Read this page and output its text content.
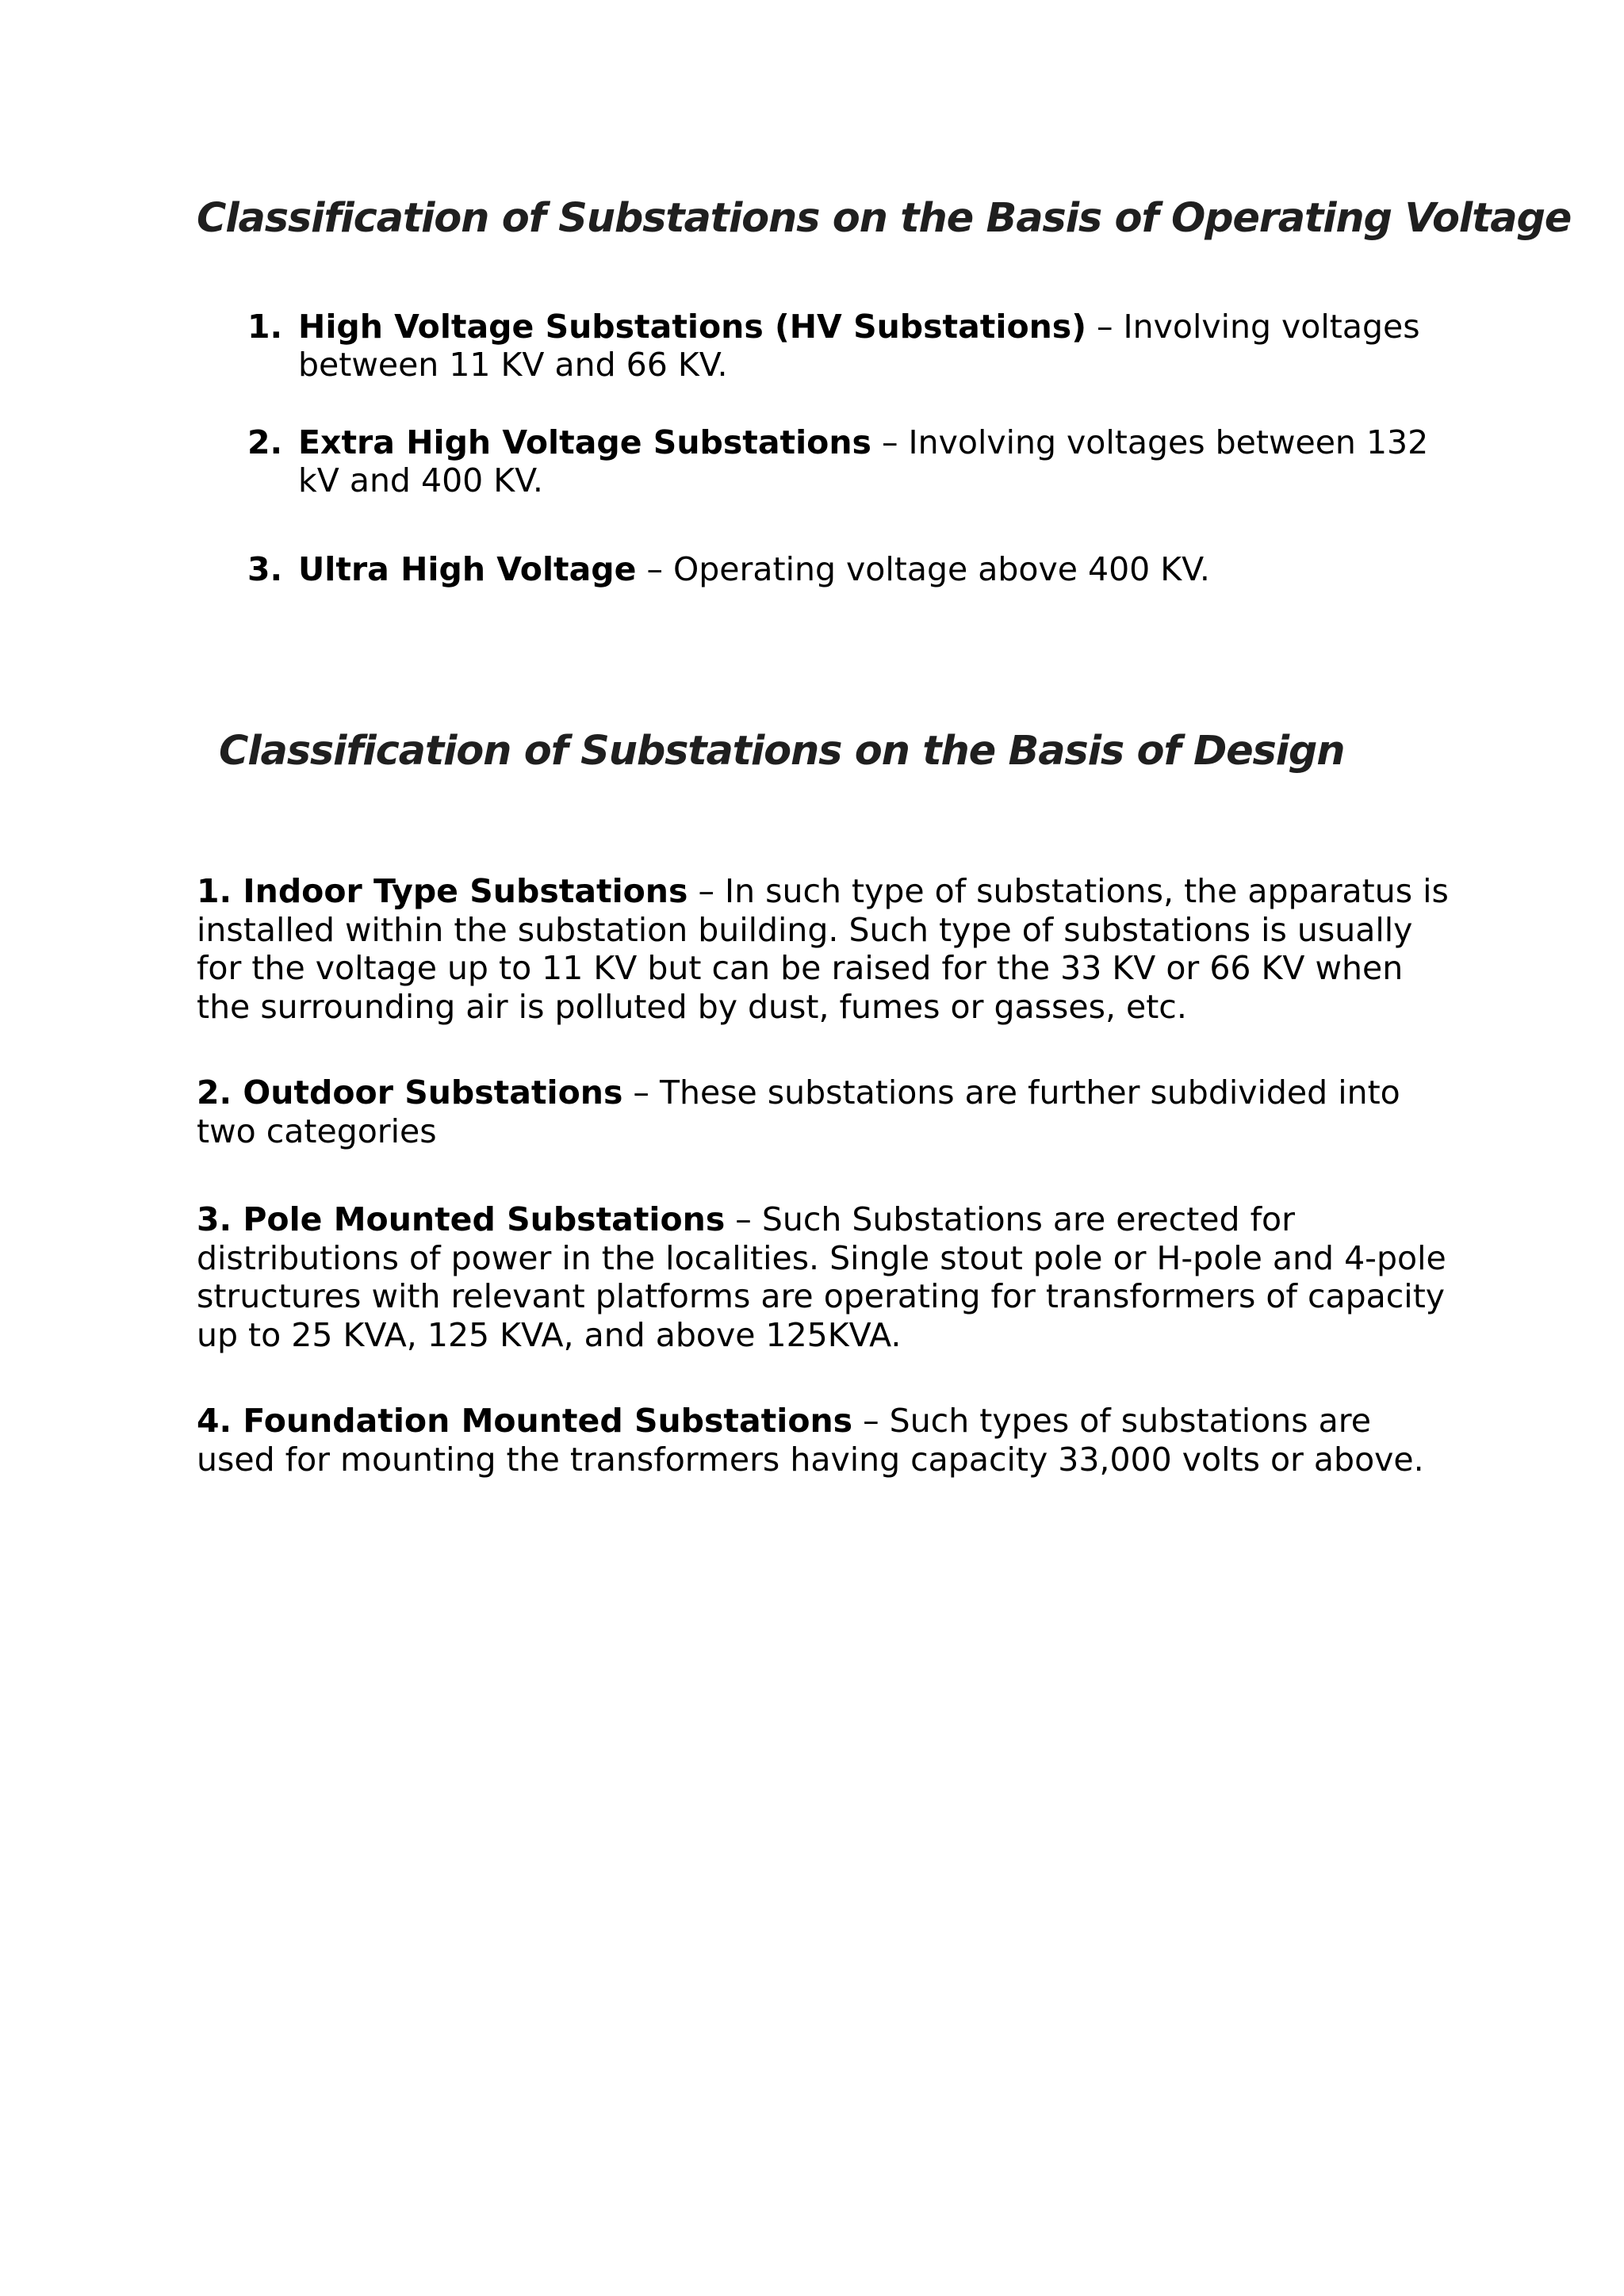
Classification of Substations on the Basis of Operating Voltage
1. High Voltage Substations (HV Substations) – Involving voltages between 11 KV and 66 KV.
2. Extra High Voltage Substations – Involving voltages between 132 kV and 400 KV.
3. Ultra High Voltage – Operating voltage above 400 KV.
Classification of Substations on the Basis of Design

1. Indoor Type Substations – In such type of substations, the apparatus is installed within the substation building. Such type of substations is usually for the voltage up to 11 KV but can be raised for the 33 KV or 66 KV when the surrounding air is polluted by dust, fumes or gasses, etc.

2. Outdoor Substations – These substations are further subdivided into two categories

3. Pole Mounted Substations – Such Substations are erected for distributions of power in the localities. Single stout pole or H-pole and 4-pole structures with relevant platforms are operating for transformers of capacity up to 25 KVA, 125 KVA, and above 125KVA.

4. Foundation Mounted Substations – Such types of substations are used for mounting the transformers having capacity 33,000 volts or above.
